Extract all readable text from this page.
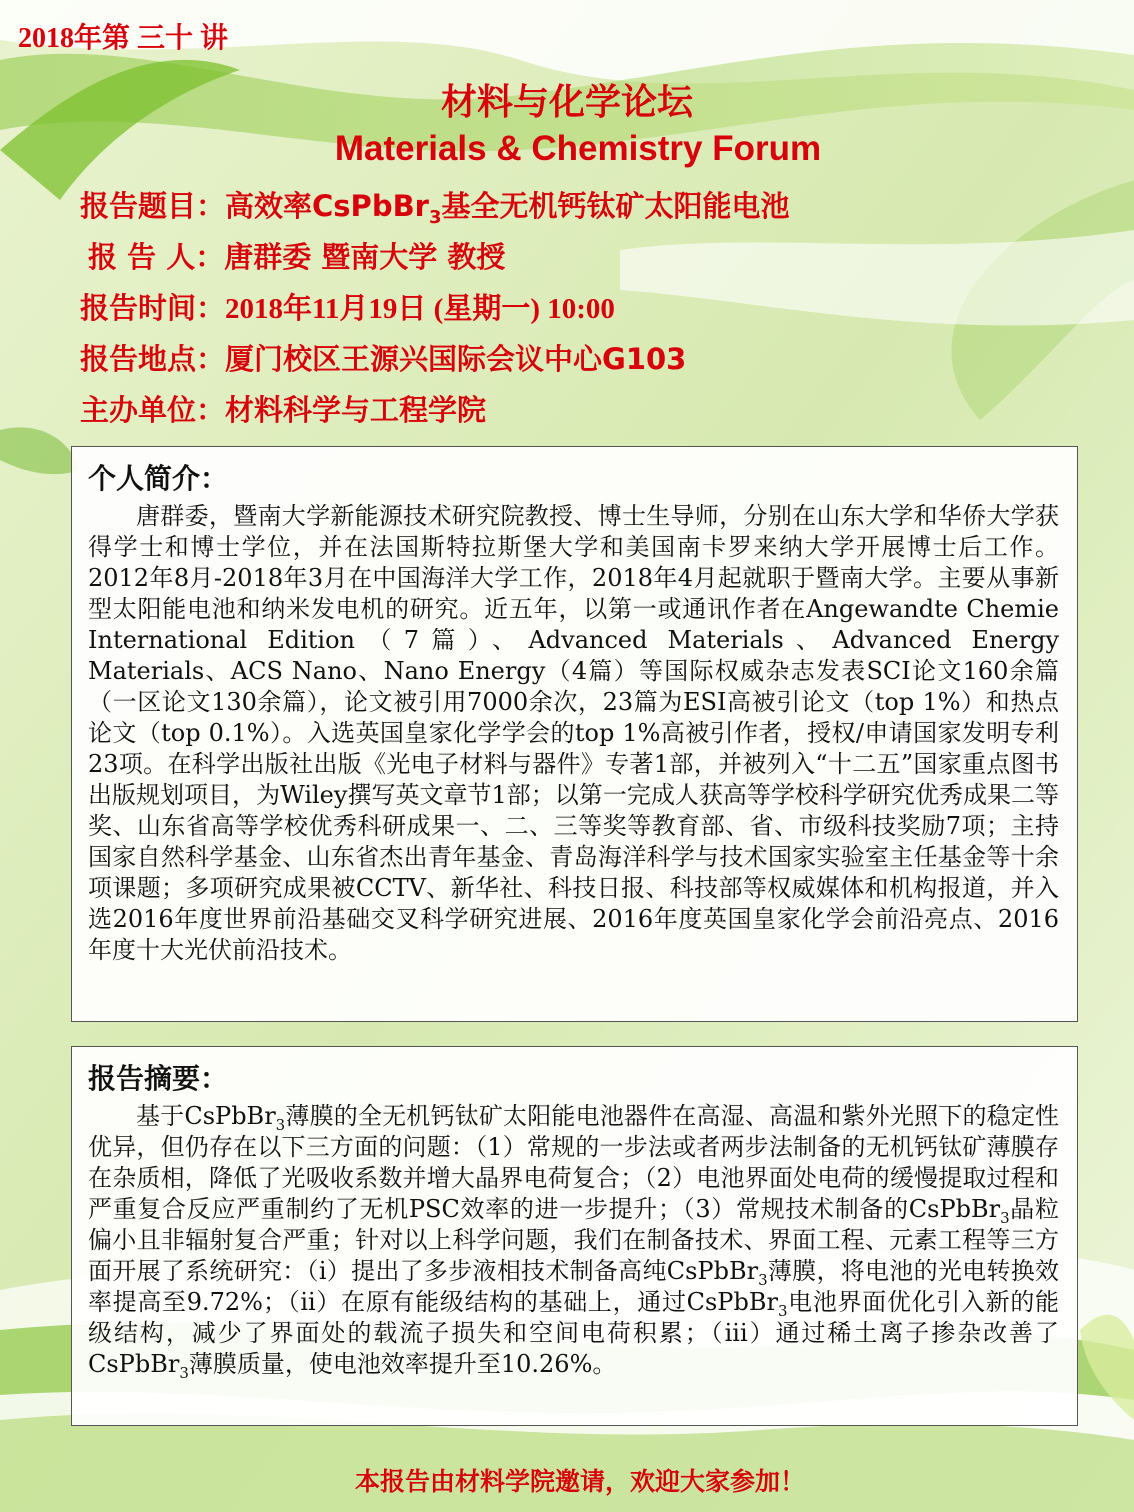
2018年第 三十 讲
材料与化学论坛
Materials & Chemistry Forum
报告题目：高效率CsPbBr$_3$基全无机钙钛矿太阳能电池
报 告 人：唐群委 暨南大学 教授
报告时间：2018年11月19日 (星期一) 10:00
报告地点：厦门校区王源兴国际会议中心G103
主办单位：材料科学与工程学院
个人简介：

唐群委，暨南大学新能源技术研究院教授、博士生导师，分别在山东大学和华侨大学获得学士和博士学位，并在法国斯特拉斯堡大学和美国南卡罗来纳大学开展博士后工作。2012年8月-2018年3月在中国海洋大学工作，2018年4月起就职于暨南大学。主要从事新型太阳能电池和纳米发电机的研究。近五年，以第一或通讯作者在Angewandte Chemie International Edition（7篇）、Advanced Materials、Advanced Energy Materials、ACS Nano、Nano Energy（4篇）等国际权威杂志发表SCI论文160余篇（一区论文130余篇），论文被引用7000余次，23篇为ESI高被引论文（top 1%）和热点论文（top 0.1%）。入选英国皇家化学学会的top 1%高被引作者，授权/申请国家发明专利23项。在科学出版社出版《光电子材料与器件》专著1部，并被列入“十二五”国家重点图书出版规划项目，为Wiley撰写英文章节1部；以第一完成人获高等学校科学研究优秀成果二等奖、山东省高等学校优秀科研成果一、二、三等奖等教育部、省、市级科技奖励7项；主持国家自然科学基金、山东省杰出青年基金、青岛海洋科学与技术国家实验室主任基金等十余项课题；多项研究成果被CCTV、新华社、科技日报、科技部等权威媒体和机构报道，并入选2016年度世界前沿基础交叉科学研究进展、2016年度英国皇家化学会前沿亮点、2016年度十大光伏前沿技术。

报告摘要：

基于CsPbBr$_3$薄膜的全无机钙钛矿太阳能电池器件在高湿、高温和紫外光照下的稳定性优异，但仍存在以下三方面的问题：（1）常规的一步法或者两步法制备的无机钙钛矿薄膜存在杂质相，降低了光吸收系数并增大晶界电荷复合；（2）电池界面处电荷的缓慢提取过程和严重复合反应严重制约了无机PSC效率的进一步提升；（3）常规技术制备的CsPbBr$_3$晶粒偏小且非辐射复合严重；针对以上科学问题，我们在制备技术、界面工程、元素工程等三方面开展了系统研究：（i）提出了多步液相技术制备高纯CsPbBr$_3$薄膜，将电池的光电转换效率提高至9.72%；（ii）在原有能级结构的基础上，通过CsPbBr$_3$电池界面优化引入新的能级结构，减少了界面处的载流子损失和空间电荷积累；（iii）通过稀土离子掺杂改善了CsPbBr$_3$薄膜质量，使电池效率提升至10.26%。

本报告由材料学院邀请，欢迎大家参加！
